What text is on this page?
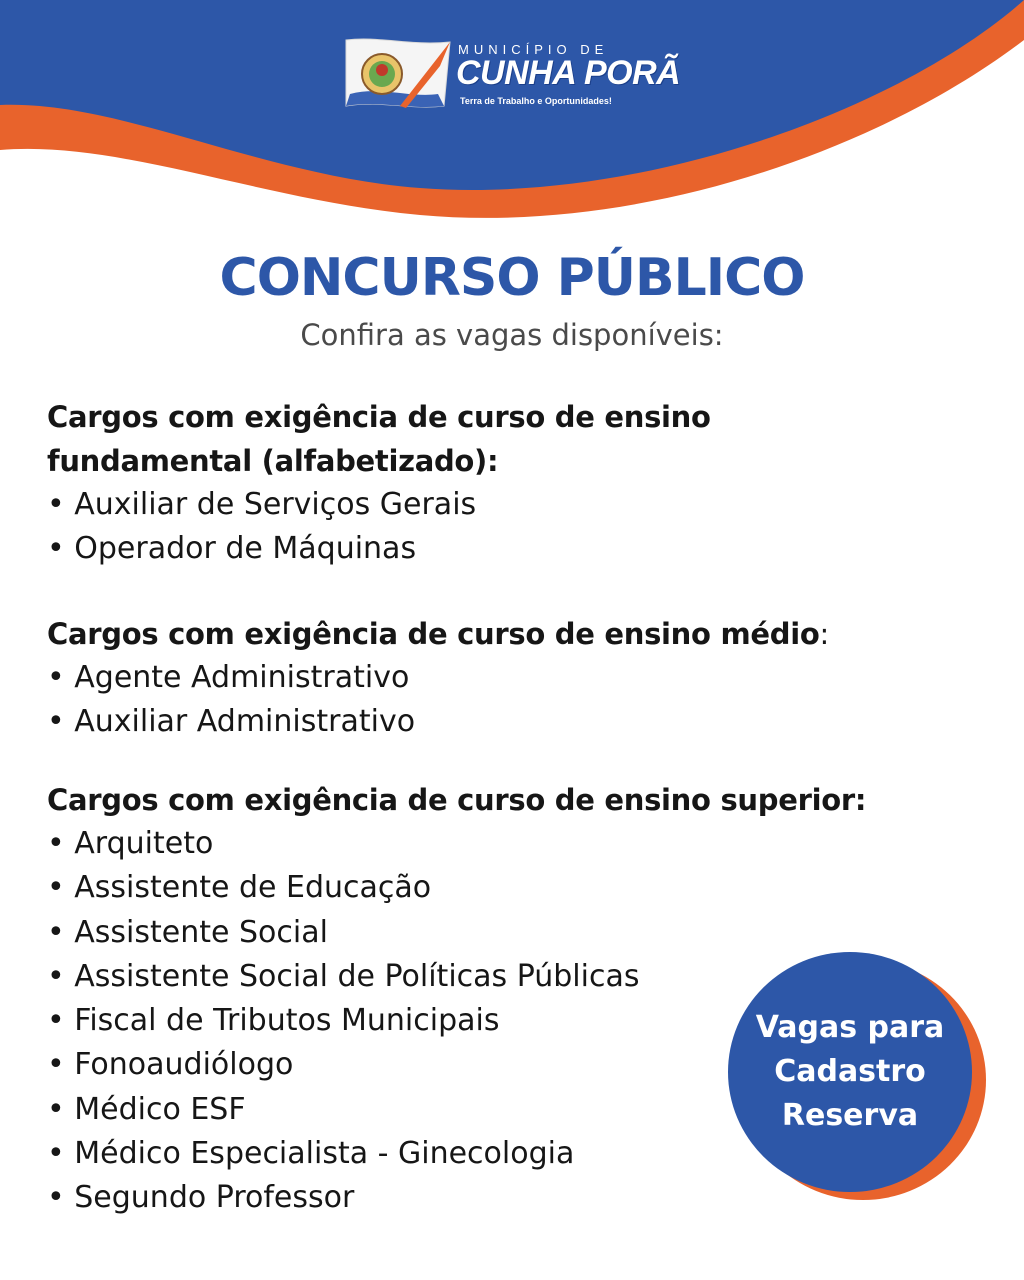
MUNICÍPIO DE
CUNHA PORÃ
Terra de Trabalho e Oportunidades!
CONCURSO PÚBLICO
Confira as vagas disponíveis:
Cargos com exigência de curso de ensino
fundamental (alfabetizado):
• Auxiliar de Serviços Gerais
• Operador de Máquinas
Cargos com exigência de curso de ensino médio:
• Agente Administrativo
• Auxiliar Administrativo
Cargos com exigência de curso de ensino superior:
• Arquiteto
• Assistente de Educação
• Assistente Social
• Assistente Social de Políticas Públicas
• Fiscal de Tributos Municipais
• Fonoaudiólogo
• Médico ESF
• Médico Especialista - Ginecologia
• Segundo Professor
Vagas para
Cadastro
Reserva
